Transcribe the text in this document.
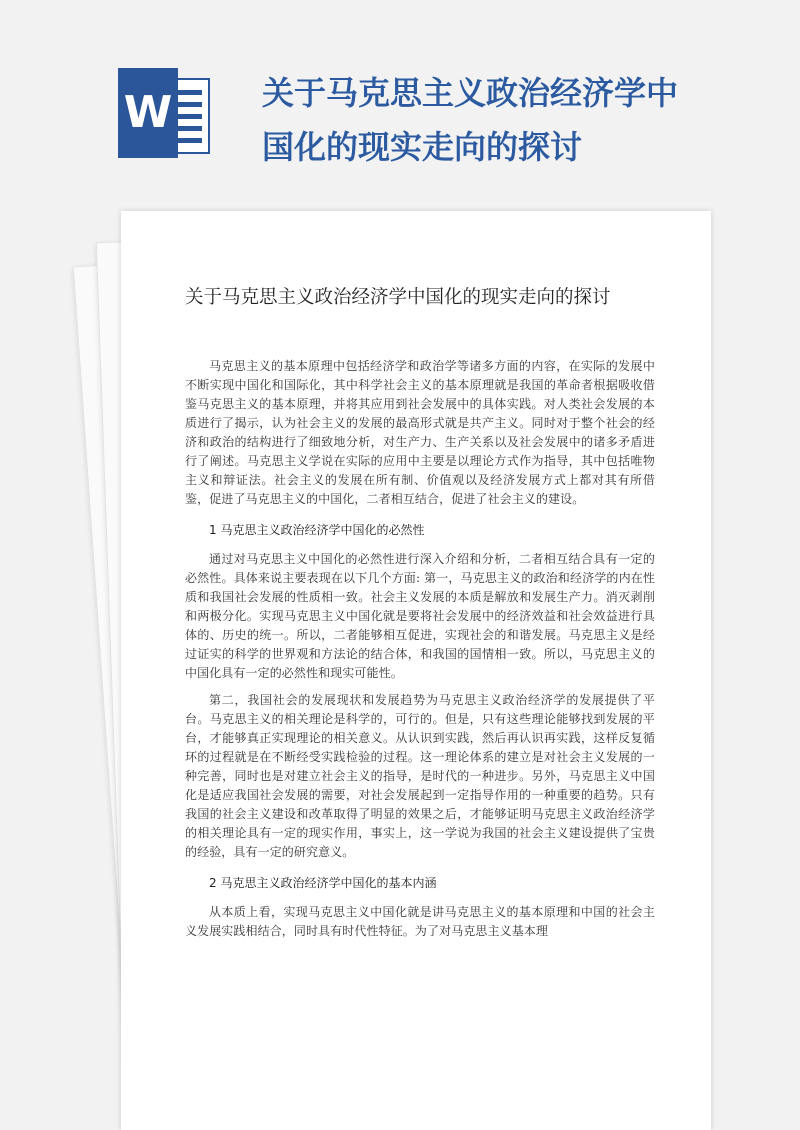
W	关于马克思主义政治经济学中国化的现实走向的探讨
关于马克思主义政治经济学中国化的现实走向的探讨

马克思主义的基本原理中包括经济学和政治学等诸多方面的内容，在实际的发展中不断实现中国化和国际化，其中科学社会主义的基本原理就是我国的革命者根据吸收借鉴马克思主义的基本原理，并将其应用到社会发展中的具体实践。对人类社会发展的本质进行了揭示，认为社会主义的发展的最高形式就是共产主义。同时对于整个社会的经济和政治的结构进行了细致地分析，对生产力、生产关系以及社会发展中的诸多矛盾进行了阐述。马克思主义学说在实际的应用中主要是以理论方式作为指导，其中包括唯物主义和辩证法。社会主义的发展在所有制、价值观以及经济发展方式上都对其有所借鉴，促进了马克思主义的中国化，二者相互结合，促进了社会主义的建设。

1 马克思主义政治经济学中国化的必然性

通过对马克思主义中国化的必然性进行深入介绍和分析，二者相互结合具有一定的必然性。具体来说主要表现在以下几个方面: 第一，马克思主义的政治和经济学的内在性质和我国社会发展的性质相一致。社会主义发展的本质是解放和发展生产力。消灭剥削和两极分化。实现马克思主义中国化就是要将社会发展中的经济效益和社会效益进行具体的、历史的统一。所以，二者能够相互促进，实现社会的和谐发展。马克思主义是经过证实的科学的世界观和方法论的结合体，和我国的国情相一致。所以，马克思主义的中国化具有一定的必然性和现实可能性。

第二，我国社会的发展现状和发展趋势为马克思主义政治经济学的发展提供了平台。马克思主义的相关理论是科学的，可行的。但是，只有这些理论能够找到发展的平台，才能够真正实现理论的相关意义。从认识到实践，然后再认识再实践，这样反复循环的过程就是在不断经受实践检验的过程。这一理论体系的建立是对社会主义发展的一种完善，同时也是对建立社会主义的指导，是时代的一种进步。另外，马克思主义中国化是适应我国社会发展的需要，对社会发展起到一定指导作用的一种重要的趋势。只有我国的社会主义建设和改革取得了明显的效果之后，才能够证明马克思主义政治经济学的相关理论具有一定的现实作用，事实上，这一学说为我国的社会主义建设提供了宝贵的经验，具有一定的研究意义。

2 马克思主义政治经济学中国化的基本内涵

从本质上看，实现马克思主义中国化就是讲马克思主义的基本原理和中国的社会主义发展实践相结合，同时具有时代性特征。为了对马克思主义基本理
